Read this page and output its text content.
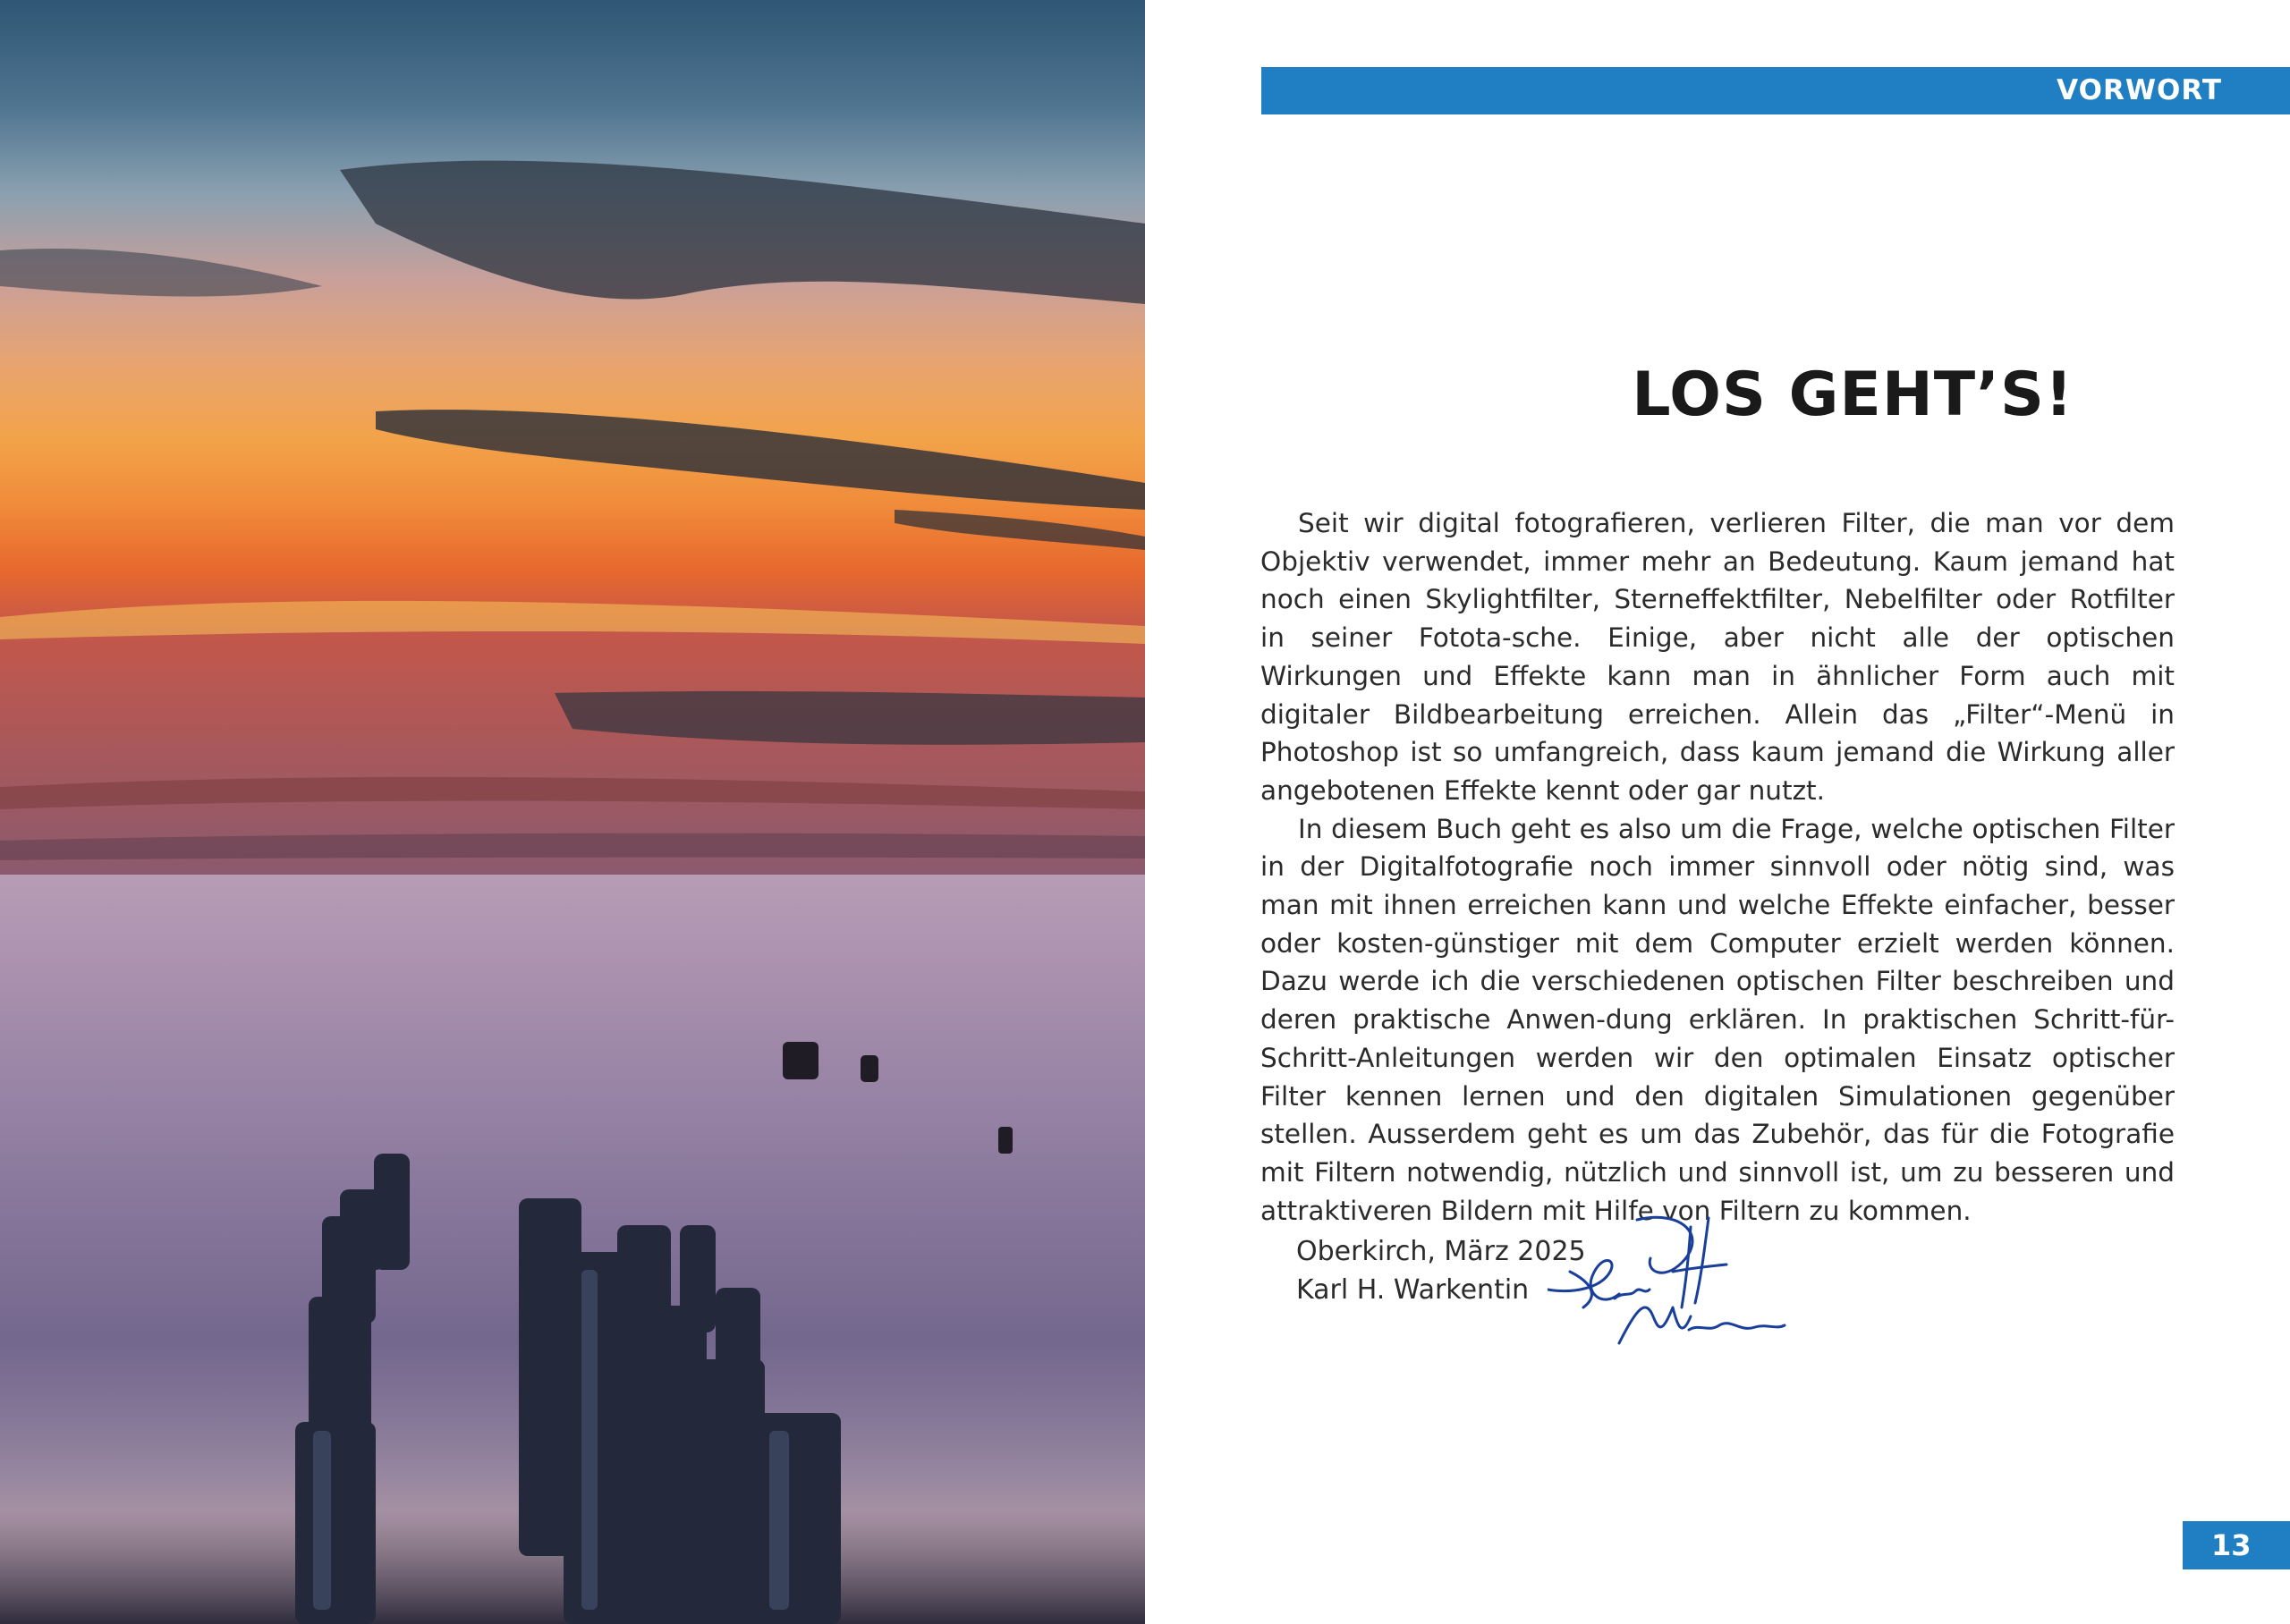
VORWORT
LOS GEHT’S!

Seit wir digital fotografieren, verlieren Filter, die man vor dem Objektiv verwendet, immer mehr an Bedeutung. Kaum jemand hat noch einen Skylightfilter, Sterneffektfilter, Nebelfilter oder Rotfilter in seiner Fotota-sche. Einige, aber nicht alle der optischen Wirkungen und Effekte kann man in ähnlicher Form auch mit digitaler Bildbearbeitung erreichen. Allein das „Filter“-Menü in Photoshop ist so umfangreich, dass kaum jemand die Wirkung aller angebotenen Effekte kennt oder gar nutzt.

In diesem Buch geht es also um die Frage, welche optischen Filter in der Digitalfotografie noch immer sinnvoll oder nötig sind, was man mit ihnen erreichen kann und welche Effekte einfacher, besser oder kosten-günstiger mit dem Computer erzielt werden können. Dazu werde ich die verschiedenen optischen Filter beschreiben und deren praktische Anwen-dung erklären. In praktischen Schritt-für-Schritt-Anleitungen werden wir den optimalen Einsatz optischer Filter kennen lernen und den digitalen Simulationen gegenüber stellen. Ausserdem geht es um das Zubehör, das für die Fotografie mit Filtern notwendig, nützlich und sinnvoll ist, um zu besseren und attraktiveren Bildern mit Hilfe von Filtern zu kommen.

Oberkirch, März 2025
Karl H. Warkentin
13
